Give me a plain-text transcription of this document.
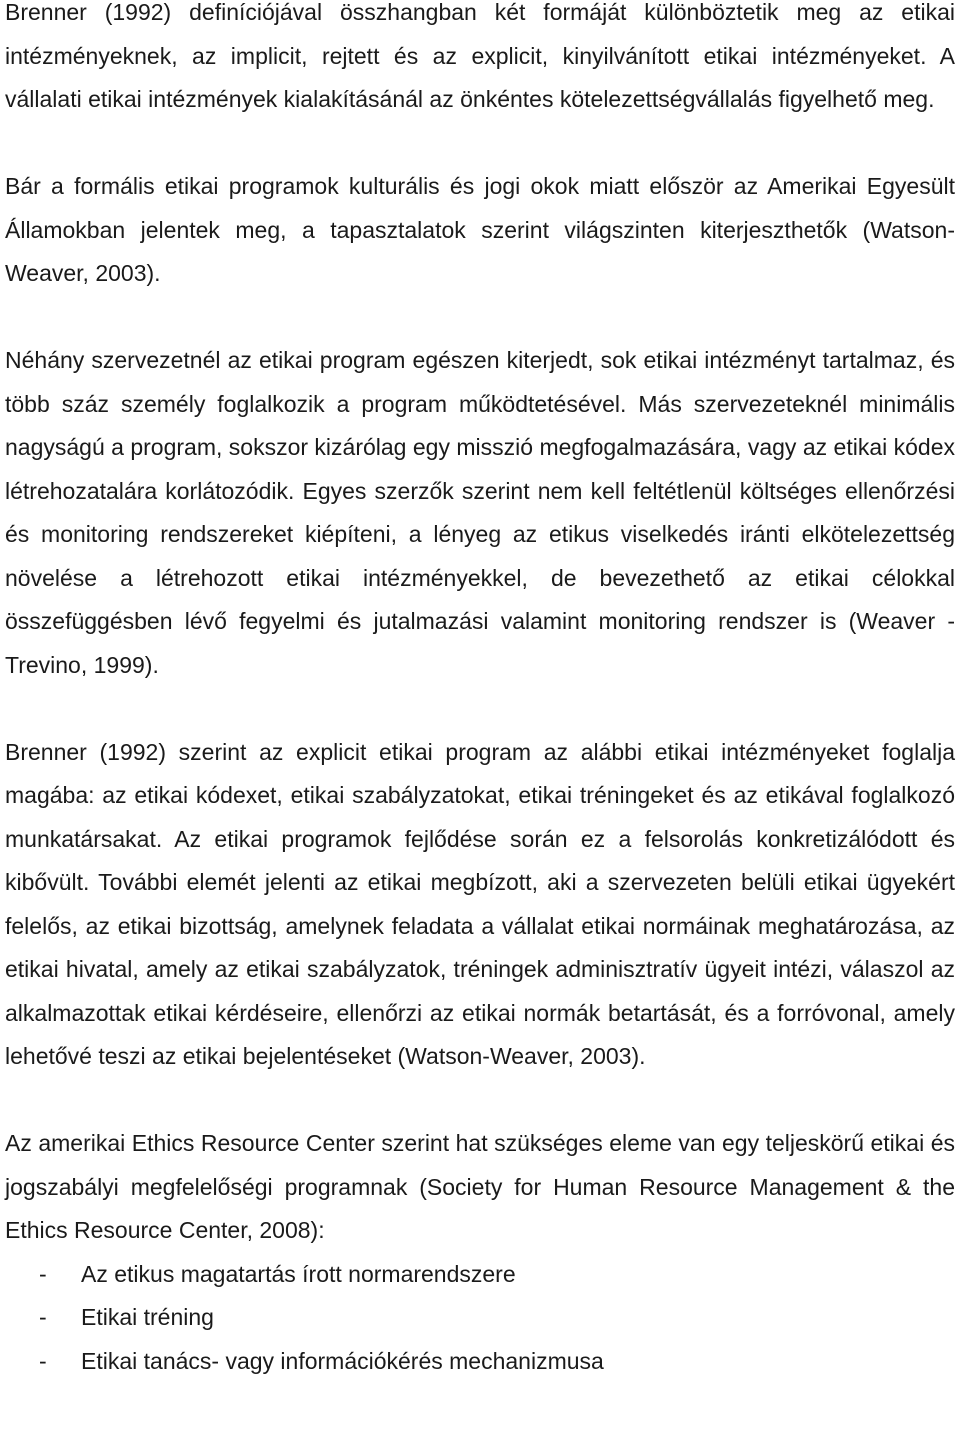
Brenner (1992) definíciójával összhangban két formáját különböztetik meg az etikai intézményeknek, az implicit, rejtett és az explicit, kinyilvánított etikai intézményeket. A vállalati etikai intézmények kialakításánál az önkéntes kötelezettségvállalás figyelhető meg.

Bár a formális etikai programok kulturális és jogi okok miatt először az Amerikai Egyesült Államokban jelentek meg, a tapasztalatok szerint világszinten kiterjeszthetők (Watson-Weaver, 2003).

Néhány szervezetnél az etikai program egészen kiterjedt, sok etikai intézményt tartalmaz, és több száz személy foglalkozik a program működtetésével. Más szervezeteknél minimális nagyságú a program, sokszor kizárólag egy misszió megfogalmazására, vagy az etikai kódex létrehozatalára korlátozódik. Egyes szerzők szerint nem kell feltétlenül költséges ellenőrzési és monitoring rendszereket kiépíteni, a lényeg az etikus viselkedés iránti elkötelezettség növelése a létrehozott etikai intézményekkel, de bevezethető az etikai célokkal összefüggésben lévő fegyelmi és jutalmazási valamint monitoring rendszer is (Weaver -Trevino, 1999).

Brenner (1992) szerint az explicit etikai program az alábbi etikai intézményeket foglalja magába: az etikai kódexet, etikai szabályzatokat, etikai tréningeket és az etikával foglalkozó munkatársakat. Az etikai programok fejlődése során ez a felsorolás konkretizálódott és kibővült. További elemét jelenti az etikai megbízott, aki a szervezeten belüli etikai ügyekért felelős, az etikai bizottság, amelynek feladata a vállalat etikai normáinak meghatározása, az etikai hivatal, amely az etikai szabályzatok, tréningek adminisztratív ügyeit intézi, válaszol az alkalmazottak etikai kérdéseire, ellenőrzi az etikai normák betartását, és a forróvonal, amely lehetővé teszi az etikai bejelentéseket (Watson-Weaver, 2003).

Az amerikai Ethics Resource Center szerint hat szükséges eleme van egy teljeskörű etikai és jogszabályi megfelelőségi programnak (Society for Human Resource Management & the Ethics Resource Center, 2008):

-	Az etikus magatartás írott normarendszere
-	Etikai tréning
-	Etikai tanács- vagy információkérés mechanizmusa
